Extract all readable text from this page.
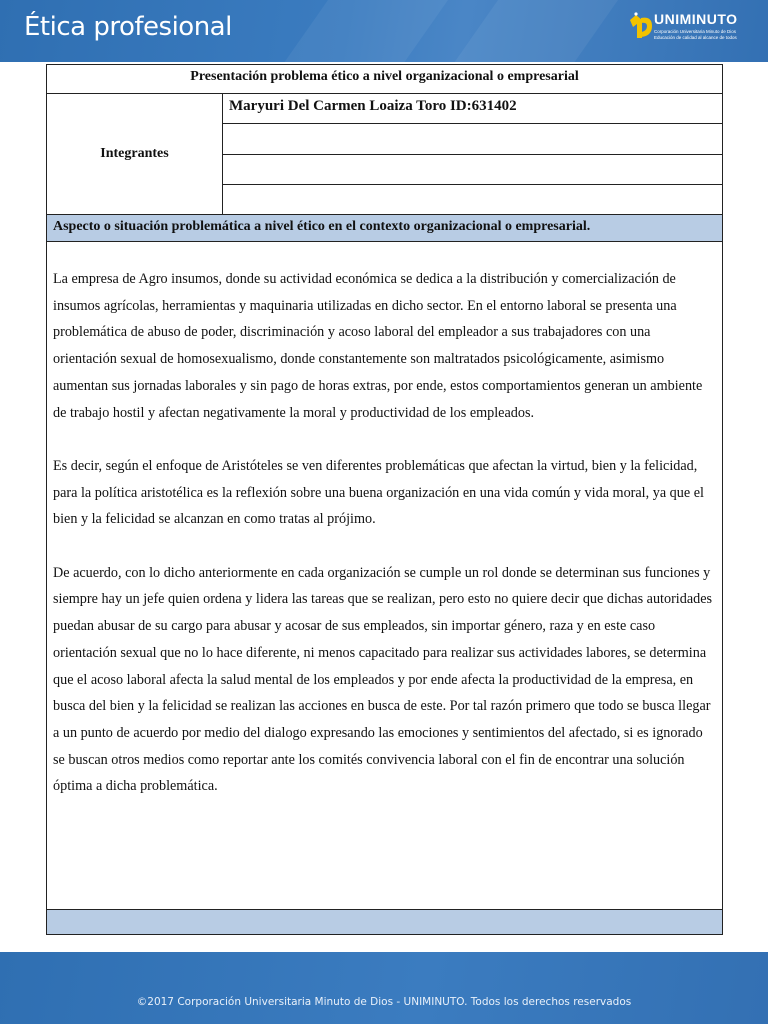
Ética profesional	UNIMINUTO
Corporación Universitaria Minuto de Dios
Educación de calidad al alcance de todos
Presentación problema ético a nivel organizacional o empresarial
Integrantes	Maryuri Del Carmen Loaiza Toro ID:631402

Aspecto o situación problemática a nivel ético en el contexto organizacional o empresarial.

La empresa de Agro insumos, donde su actividad económica se dedica a la distribución y comercialización de insumos agrícolas, herramientas y maquinaria utilizadas en dicho sector. En el entorno laboral se presenta una problemática de abuso de poder, discriminación y acoso laboral del empleador a sus trabajadores con una orientación sexual de homosexualismo, donde constantemente son maltratados psicológicamente, asimismo aumentan sus jornadas laborales y sin pago de horas extras, por ende, estos comportamientos generan un ambiente de trabajo hostil y afectan negativamente la moral y productividad de los empleados.

Es decir, según el enfoque de Aristóteles se ven diferentes problemáticas que afectan la virtud, bien y la felicidad, para la política aristotélica es la reflexión sobre una buena organización en una vida común y vida moral, ya que el bien y la felicidad se alcanzan en como tratas al prójimo.

De acuerdo, con lo dicho anteriormente en cada organización se cumple un rol donde se determinan sus funciones y siempre hay un jefe quien ordena y lidera las tareas que se realizan, pero esto no quiere decir que dichas autoridades puedan abusar de su cargo para abusar y acosar de sus empleados, sin importar género, raza y en este caso orientación sexual que no lo hace diferente, ni menos capacitado para realizar sus actividades labores, se determina que el acoso laboral afecta la salud mental de los empleados y por ende afecta la productividad de la empresa, en busca del bien y la felicidad se realizan las acciones en busca de este. Por tal razón primero que todo se busca llegar a un punto de acuerdo por medio del dialogo expresando las emociones y sentimientos del afectado, si es ignorado se buscan otros medios como reportar ante los comités convivencia laboral con el fin de encontrar una solución óptima a dicha problemática.

©2017 Corporación Universitaria Minuto de Dios - UNIMINUTO. Todos los derechos reservados
